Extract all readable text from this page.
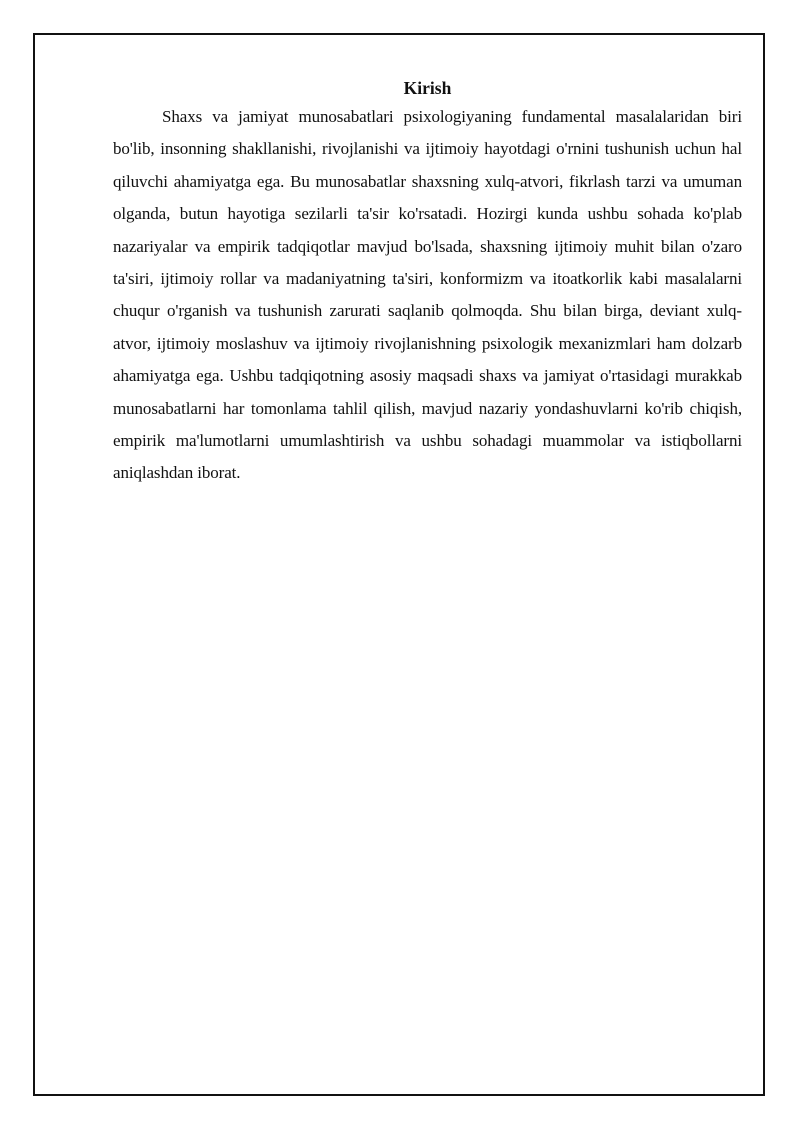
Kirish

Shaxs va jamiyat munosabatlari psixologiyaning fundamental masalalaridan biri bo'lib, insonning shakllanishi, rivojlanishi va ijtimoiy hayotdagi o'rnini tushunish uchun hal qiluvchi ahamiyatga ega. Bu munosabatlar shaxsning xulq-atvori, fikrlash tarzi va umuman olganda, butun hayotiga sezilarli ta'sir ko'rsatadi. Hozirgi kunda ushbu sohada ko'plab nazariyalar va empirik tadqiqotlar mavjud bo'lsada, shaxsning ijtimoiy muhit bilan o'zaro ta'siri, ijtimoiy rollar va madaniyatning ta'siri, konformizm va itoatkorlik kabi masalalarni chuqur o'rganish va tushunish zarurati saqlanib qolmoqda. Shu bilan birga, deviant xulq-atvor, ijtimoiy moslashuv va ijtimoiy rivojlanishning psixologik mexanizmlari ham dolzarb ahamiyatga ega. Ushbu tadqiqotning asosiy maqsadi shaxs va jamiyat o'rtasidagi murakkab munosabatlarni har tomonlama tahlil qilish, mavjud nazariy yondashuvlarni ko'rib chiqish, empirik ma'lumotlarni umumlashtirish va ushbu sohadagi muammolar va istiqbollarni aniqlashdan iborat.
